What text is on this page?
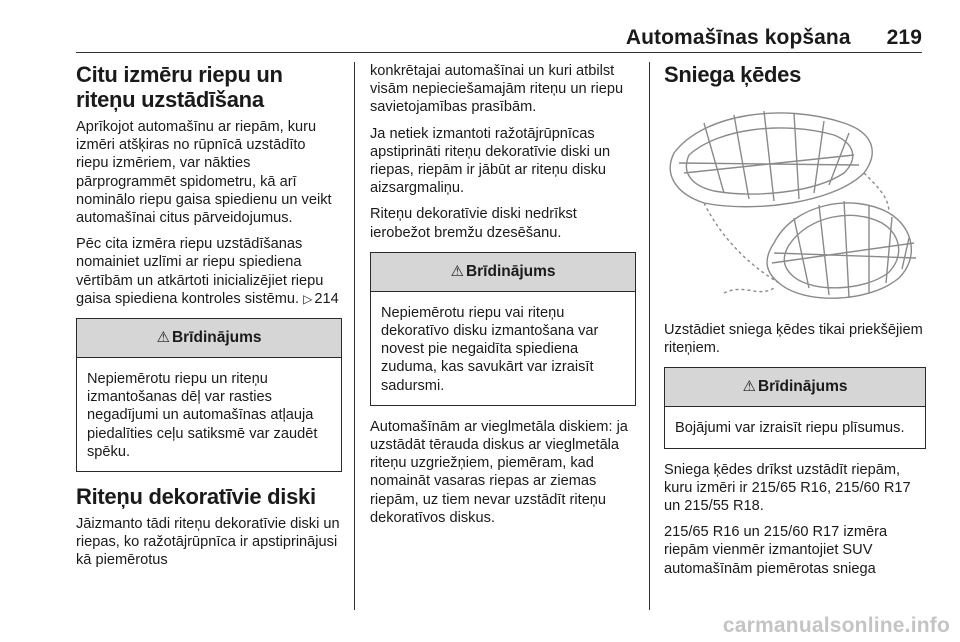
Automašīnas kopšana 219
Citu izmēru riepu un riteņu uzstādīšana

Aprīkojot automašīnu ar riepām, kuru izmēri atšķiras no rūpnīcā uzstādīto riepu izmēriem, var nākties pārprogrammēt spidometru, kā arī nominālo riepu gaisa spiedienu un veikt automašīnai citus pārveidojumus.

Pēc cita izmēra riepu uzstādīšanas nomainiet uzlīmi ar riepu spiediena vērtībām un atkārtoti inicializējiet riepu gaisa spiediena kontroles sistēmu. ▷ 214

⚠ Brīdinājums
Nepiemērotu riepu un riteņu izmantošanas dēļ var rasties negadījumi un automašīnas atļauja piedalīties ceļu satiksmē var zaudēt spēku.
Riteņu dekoratīvie diski

Jāizmanto tādi riteņu dekoratīvie diski un riepas, ko ražotājrūpnīca ir apstiprinājusi kā piemērotus

konkrētajai automašīnai un kuri atbilst visām nepieciešamajām riteņu un riepu savietojamības prasībām.

Ja netiek izmantoti ražotājrūpnīcas apstiprināti riteņu dekoratīvie diski un riepas, riepām ir jābūt ar riteņu disku aizsargmaliņu.

Riteņu dekoratīvie diski nedrīkst ierobežot bremžu dzesēšanu.

⚠ Brīdinājums
Nepiemērotu riepu vai riteņu dekoratīvo disku izmantošana var novest pie negaidīta spiediena zuduma, kas savukārt var izraisīt sadursmi.

Automašīnām ar vieglmetāla diskiem: ja uzstādāt tērauda diskus ar vieglmetāla riteņu uzgriežņiem, piemēram, kad nomaināt vasaras riepas ar ziemas riepām, uz tiem nevar uzstādīt riteņu dekoratīvos diskus.

Sniega ķēdes

Uzstādiet sniega ķēdes tikai priekšējiem riteņiem.

⚠ Brīdinājums
Bojājumi var izraisīt riepu plīsumus.

Sniega ķēdes drīkst uzstādīt riepām, kuru izmēri ir 215/65 R16, 215/60 R17 un 215/55 R18.

215/65 R16 un 215/60 R17 izmēra riepām vienmēr izmantojiet SUV automašīnām piemērotas sniega

carmanualsonline.info
